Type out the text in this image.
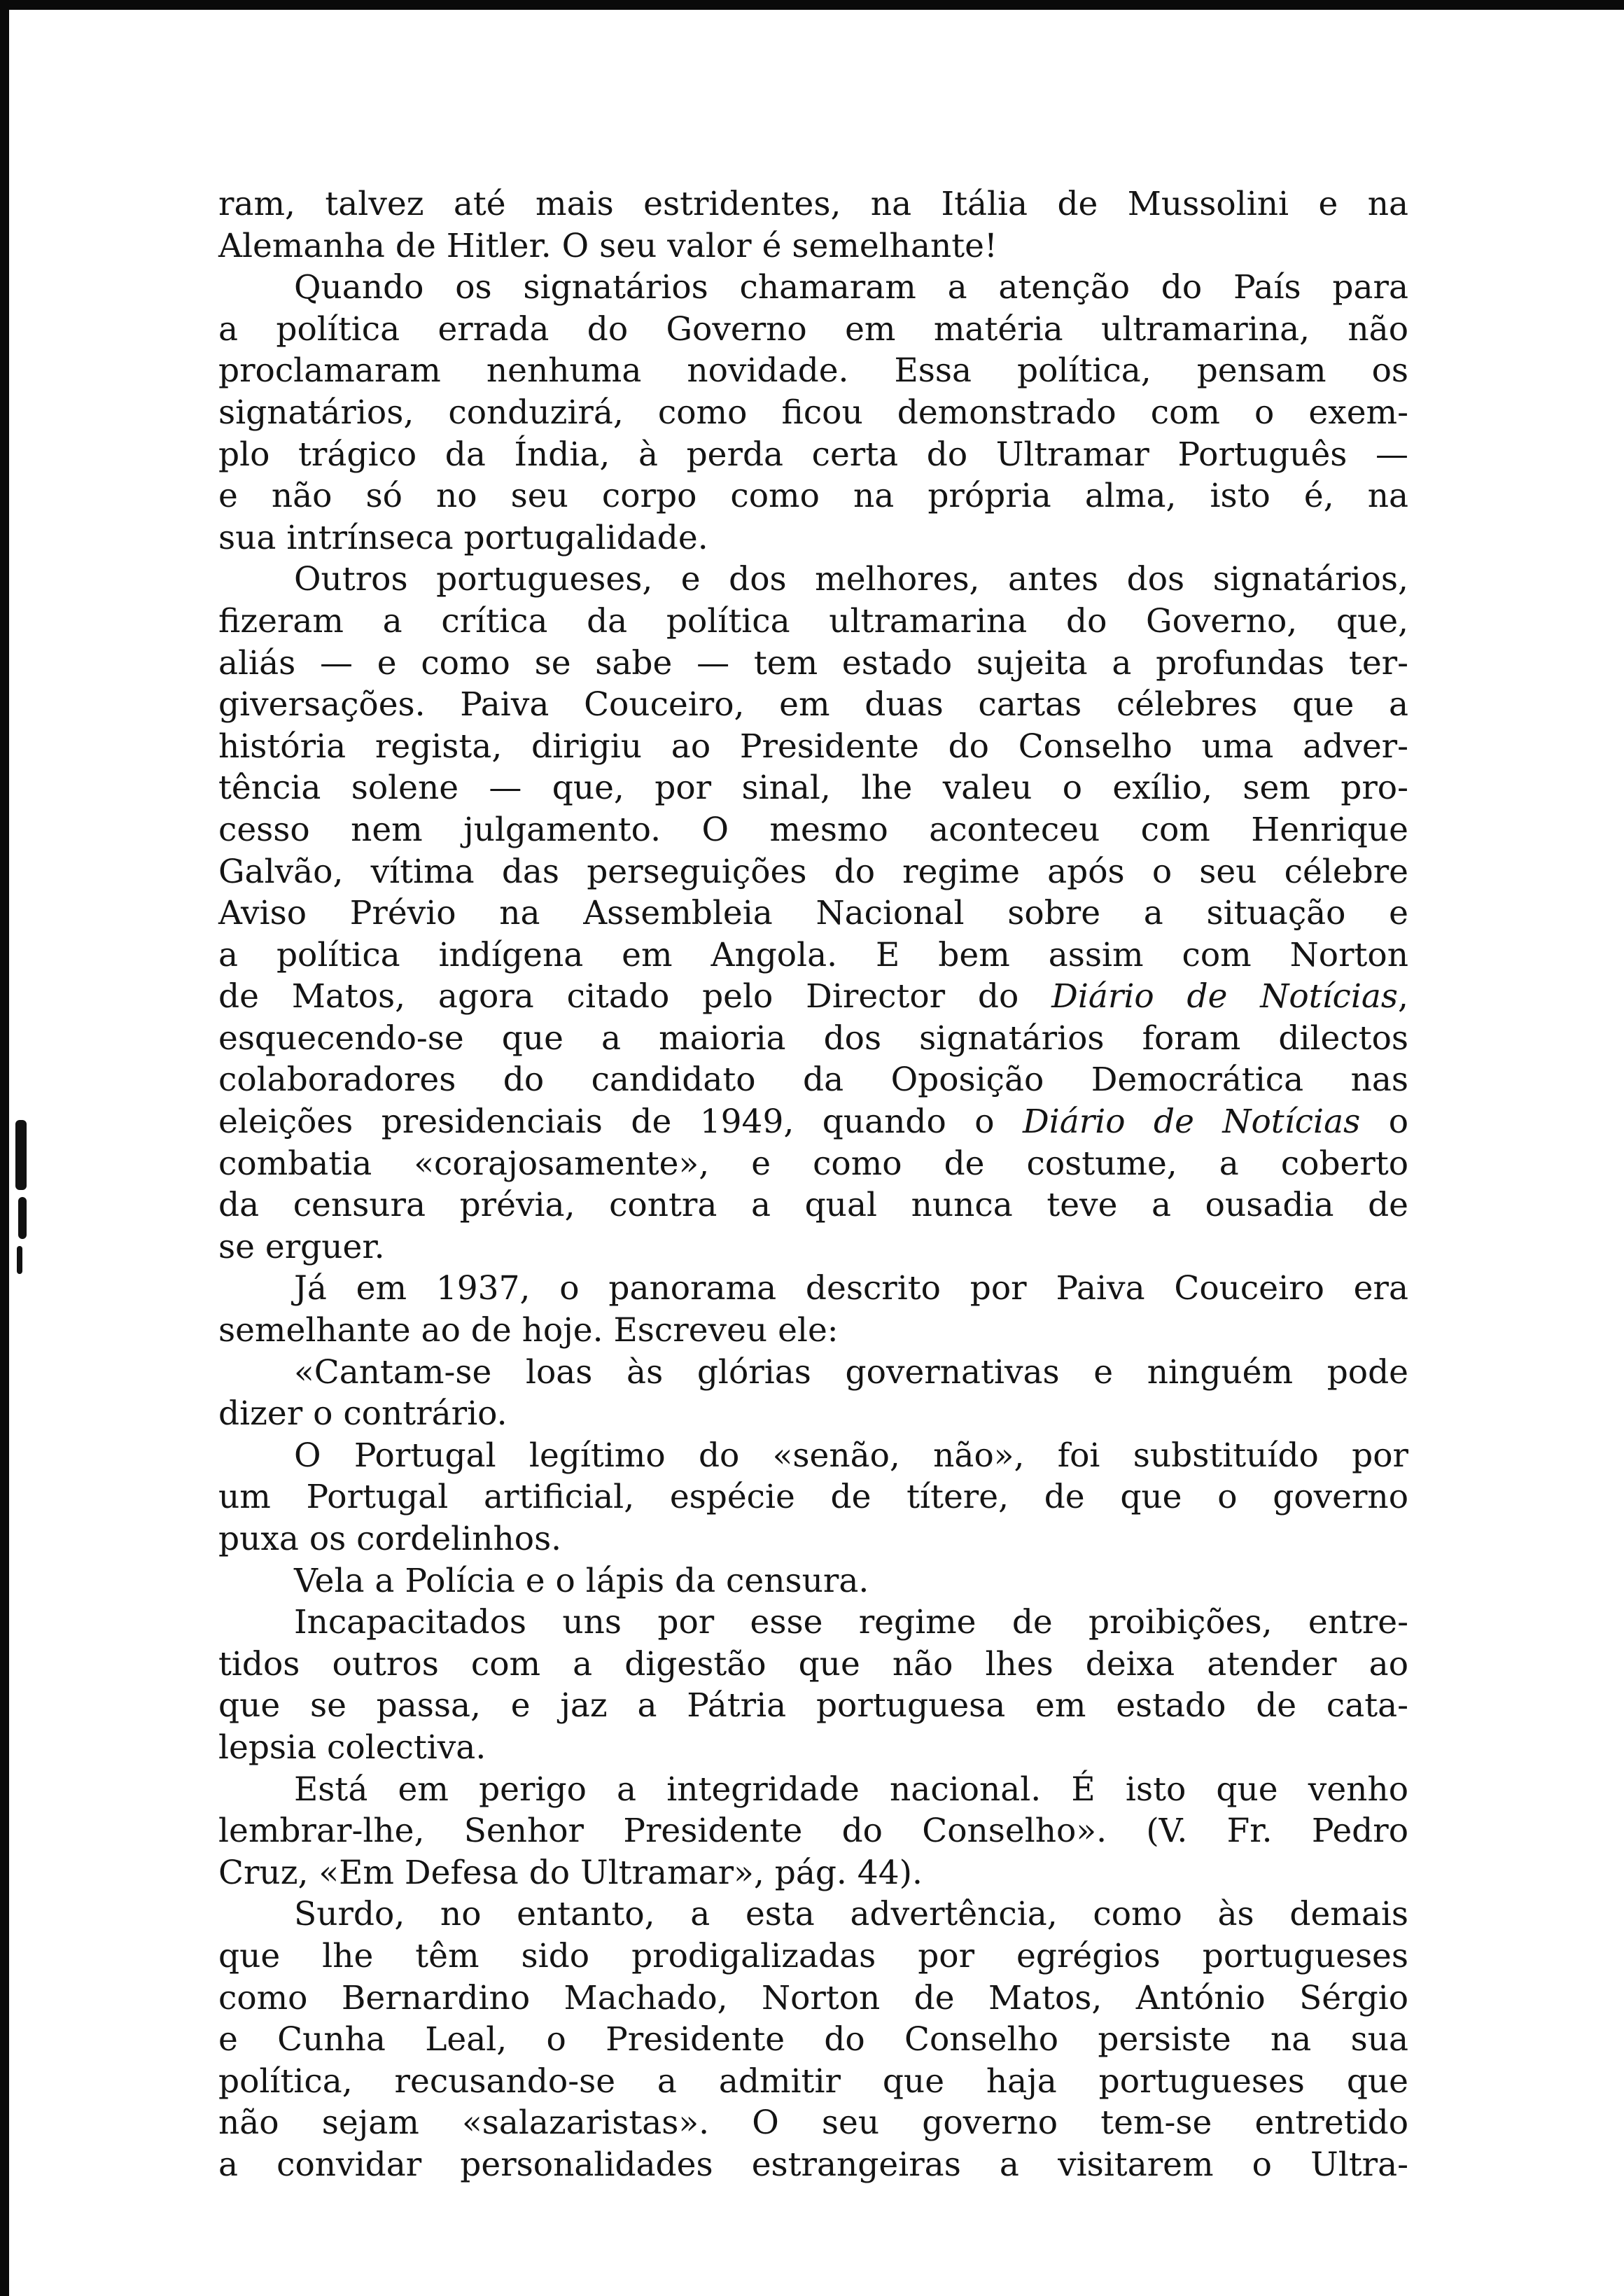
ram, talvez até mais estridentes, na Itália de Mussolini e na
Alemanha de Hitler. O seu valor é semelhante!
Quando os signatários chamaram a atenção do País para
a política errada do Governo em matéria ultramarina, não
proclamaram nenhuma novidade. Essa política, pensam os
signatários, conduzirá, como ficou demonstrado com o exem-
plo trágico da Índia, à perda certa do Ultramar Português —
e não só no seu corpo como na própria alma, isto é, na
sua intrínseca portugalidade.
Outros portugueses, e dos melhores, antes dos signatários,
fizeram a crítica da política ultramarina do Governo, que,
aliás — e como se sabe — tem estado sujeita a profundas ter-
giversações. Paiva Couceiro, em duas cartas célebres que a
história regista, dirigiu ao Presidente do Conselho uma adver-
tência solene — que, por sinal, lhe valeu o exílio, sem pro-
cesso nem julgamento. O mesmo aconteceu com Henrique
Galvão, vítima das perseguições do regime após o seu célebre
Aviso Prévio na Assembleia Nacional sobre a situação e
a política indígena em Angola. E bem assim com Norton
de Matos, agora citado pelo Director do Diário de Notícias,
esquecendo-se que a maioria dos signatários foram dilectos
colaboradores do candidato da Oposição Democrática nas
eleições presidenciais de 1949, quando o Diário de Notícias o
combatia «corajosamente», e como de costume, a coberto
da censura prévia, contra a qual nunca teve a ousadia de
se erguer.
Já em 1937, o panorama descrito por Paiva Couceiro era
semelhante ao de hoje. Escreveu ele:
«Cantam-se loas às glórias governativas e ninguém pode
dizer o contrário.
O Portugal legítimo do «senão, não», foi substituído por
um Portugal artificial, espécie de títere, de que o governo
puxa os cordelinhos.
Vela a Polícia e o lápis da censura.
Incapacitados uns por esse regime de proibições, entre-
tidos outros com a digestão que não lhes deixa atender ao
que se passa, e jaz a Pátria portuguesa em estado de cata-
lepsia colectiva.
Está em perigo a integridade nacional. É isto que venho
lembrar-lhe, Senhor Presidente do Conselho». (V. Fr. Pedro
Cruz, «Em Defesa do Ultramar», pág. 44).
Surdo, no entanto, a esta advertência, como às demais
que lhe têm sido prodigalizadas por egrégios portugueses
como Bernardino Machado, Norton de Matos, António Sérgio
e Cunha Leal, o Presidente do Conselho persiste na sua
política, recusando-se a admitir que haja portugueses que
não sejam «salazaristas». O seu governo tem-se entretido
a convidar personalidades estrangeiras a visitarem o Ultra-
